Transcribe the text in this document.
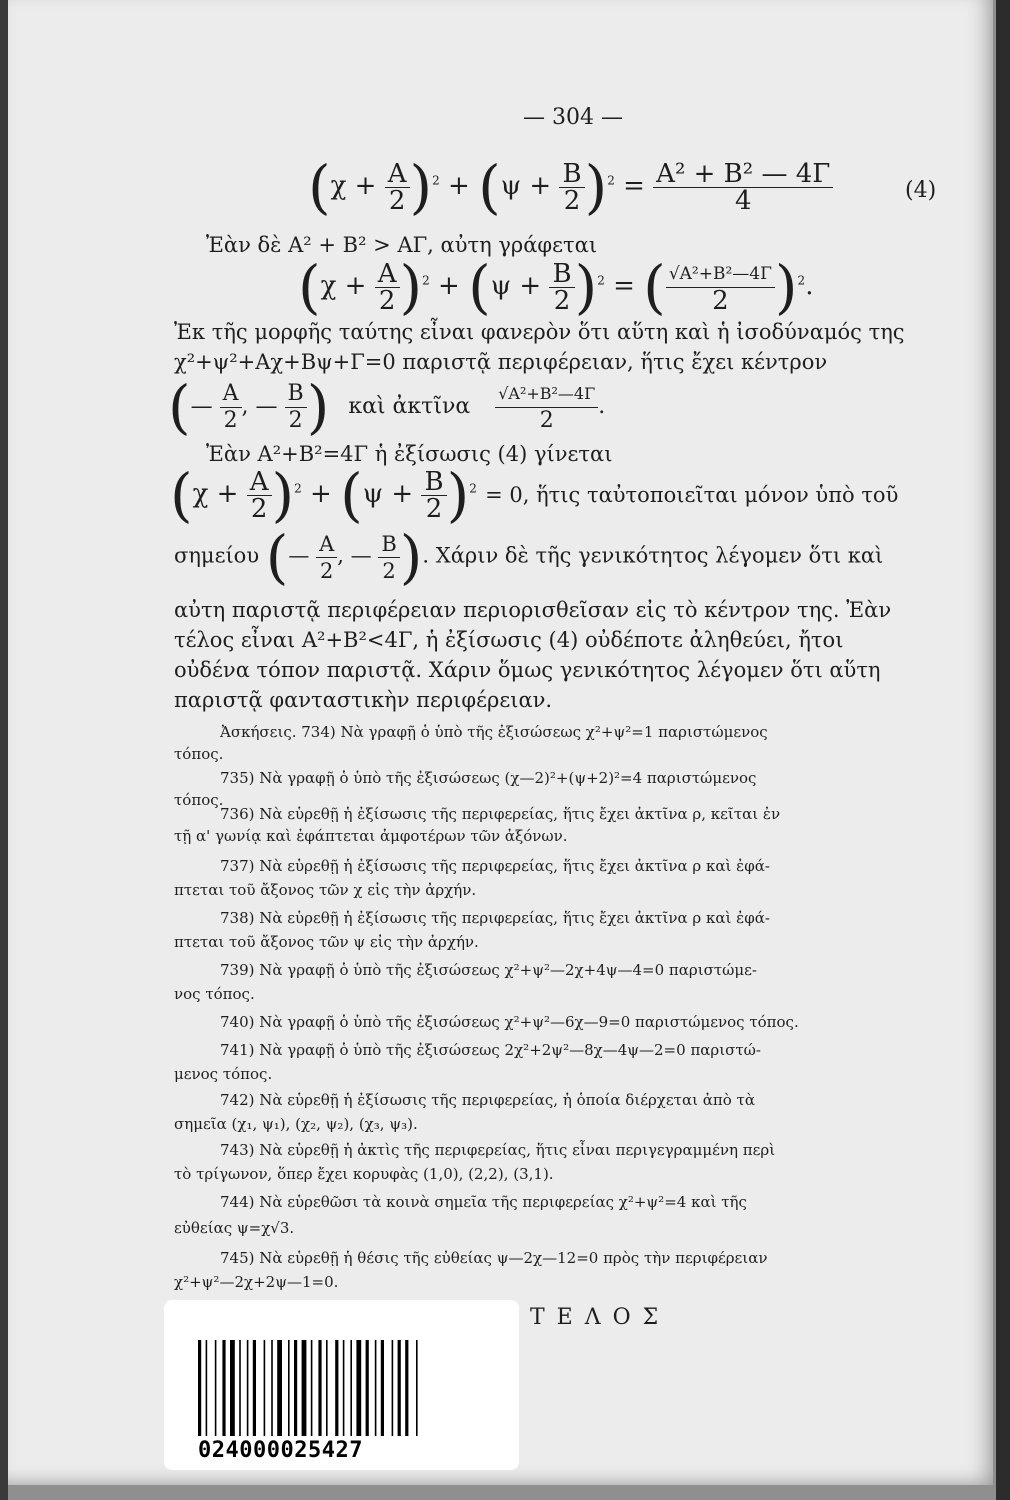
— 304 —
$(\chi + \frac{A}{2} )^2 + (\psi + \frac{B}{2} )^2 = \frac{\text{A² + B² — 4Γ}}{4}$	(4)
Ἐὰν δὲ A² + B² > AΓ, αὐτη γράφεται
$(\chi + \frac{A}{2} )^2 + (\psi + \frac{B}{2} )^2$ = ( $\frac{\text{√A²+B²—4Γ}}{2} )^2$.
Ἐκ τῆς μορφῆς ταύτης εἶναι φανερὸν ὅτι αὕτη καὶ ἡ ἰσοδύναμός της
χ²+ψ²+Aχ+Bψ+Γ=0 παριστᾷ περιφέρειαν, ἥτις ἔχει κέντρον
(— $\frac{A}{2}$ , — $\frac{B}{2}$ ) καὶ ἀκτῖνα $\frac{\text{√A²+B²—4Γ}}{2}$ .
Ἐὰν A²+B²=4Γ ἡ ἐξίσωσις (4) γίνεται
$(\chi + \frac{A}{2} )^2 + (\psi + \frac{B}{2} )^2 = 0$, ἥτις ταὐτοποιεῖται μόνον ὑπὸ τοῦ
σημείου (— $\frac{A}{2}$ , — $\frac{B}{2}$ ). Χάριν δὲ τῆς γενικότητος λέγομεν ὅτι καὶ
αὐτη παριστᾷ περιφέρειαν περιορισθεῖσαν εἰς τὸ κέντρον της. Ἐὰν
τέλος εἶναι A²+B²<4Γ, ἡ ἐξίσωσις (4) οὐδέποτε ἀληθεύει, ἤτοι
οὐδένα τόπον παριστᾷ. Χάριν ὅμως γενικότητος λέγομεν ὅτι αὕτη
παριστᾷ φανταστικὴν περιφέρειαν.
Ἀσκήσεις. 734) Νὰ γραφῇ ὁ ὑπὸ τῆς ἐξισώσεως χ²+ψ²=1 παριστώμενος
τόπος.
735) Νὰ γραφῇ ὁ ὑπὸ τῆς ἐξισώσεως (χ—2)²+(ψ+2)²=4 παριστώμενος
τόπος.
736) Νὰ εὑρεθῇ ἡ ἐξίσωσις τῆς περιφερείας, ἥτις ἔχει ἀκτῖνα ρ, κεῖται ἐν
τῇ α' γωνίᾳ καὶ ἐφάπτεται ἀμφοτέρων τῶν ἀξόνων.
737) Νὰ εὑρεθῇ ἡ ἐξίσωσις τῆς περιφερείας, ἥτις ἔχει ἀκτῖνα ρ καὶ ἐφά-
πτεται τοῦ ἄξονος τῶν χ εἰς τὴν ἀρχήν.
738) Νὰ εὑρεθῇ ἡ ἐξίσωσις τῆς περιφερείας, ἥτις ἔχει ἀκτῖνα ρ καὶ ἐφά-
πτεται τοῦ ἄξονος τῶν ψ εἰς τὴν ἀρχήν.
739) Νὰ γραφῇ ὁ ὑπὸ τῆς ἐξισώσεως χ²+ψ²—2χ+4ψ—4=0 παριστώμε-
νος τόπος.
740) Νὰ γραφῇ ὁ ὑπὸ τῆς ἐξισώσεως χ²+ψ²—6χ—9=0 παριστώμενος τόπος.
741) Νὰ γραφῇ ὁ ὑπὸ τῆς ἐξισώσεως 2χ²+2ψ²—8χ—4ψ—2=0 παριστώ-
μενος τόπος.
742) Νὰ εὑρεθῇ ἡ ἐξίσωσις τῆς περιφερείας, ἡ ὁποία διέρχεται ἀπὸ τὰ
σημεῖα (χ₁, ψ₁), (χ₂, ψ₂), (χ₃, ψ₃).
743) Νὰ εὑρεθῇ ἡ ἀκτὶς τῆς περιφερείας, ἥτις εἶναι περιγεγραμμένη περὶ
τὸ τρίγωνον, ὅπερ ἔχει κορυφὰς (1,0), (2,2), (3,1).
744) Νὰ εὑρεθῶσι τὰ κοινὰ σημεῖα τῆς περιφερείας χ²+ψ²=4 καὶ τῆς
εὐθείας ψ=χ√3.
745) Νὰ εὑρεθῇ ἡ θέσις τῆς εὐθείας ψ—2χ—12=0 πρὸς τὴν περιφέρειαν
χ²+ψ²—2χ+2ψ—1=0.
ΤΕΛΟΣ
024000025427
